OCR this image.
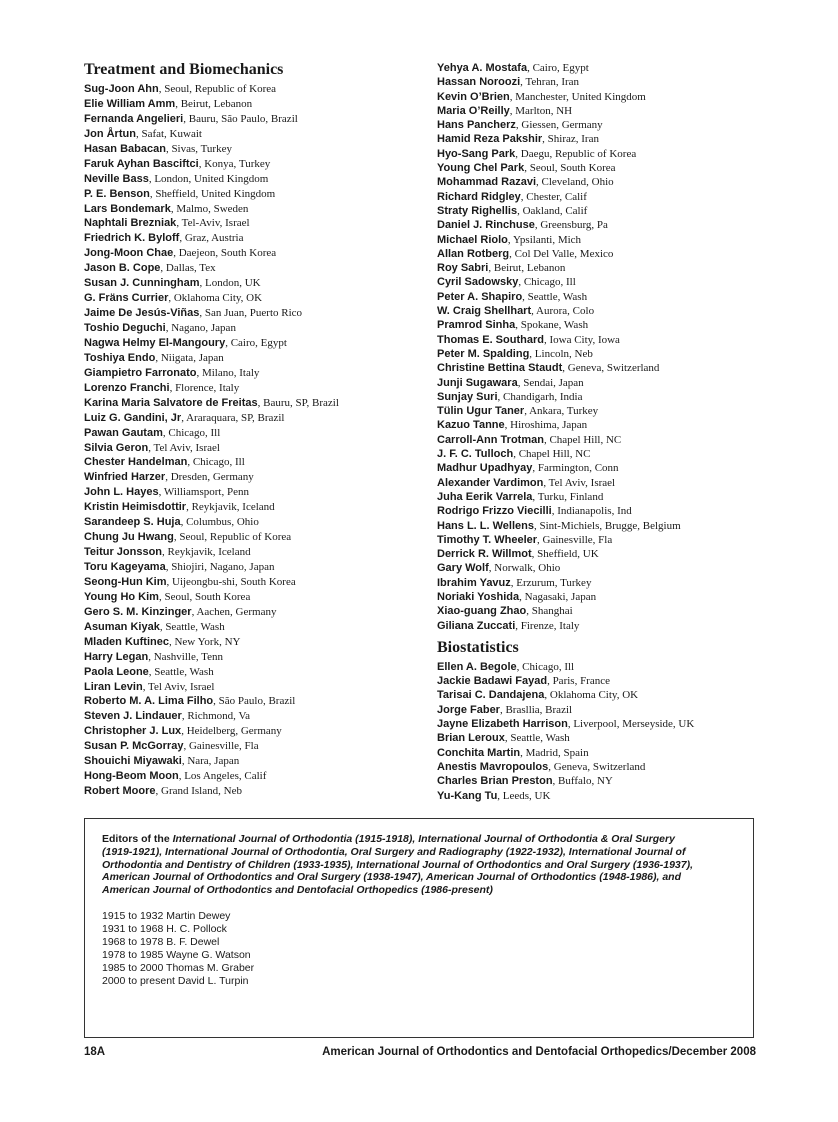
Treatment and Biomechanics
Sug-Joon Ahn, Seoul, Republic of Korea
Elie William Amm, Beirut, Lebanon
Fernanda Angelieri, Bauru, São Paulo, Brazil
Jon Årtun, Safat, Kuwait
Hasan Babacan, Sivas, Turkey
Faruk Ayhan Basciftci, Konya, Turkey
Neville Bass, London, United Kingdom
P. E. Benson, Sheffield, United Kingdom
Lars Bondemark, Malmo, Sweden
Naphtali Brezniak, Tel-Aviv, Israel
Friedrich K. Byloff, Graz, Austria
Jong-Moon Chae, Daejeon, South Korea
Jason B. Cope, Dallas, Tex
Susan J. Cunningham, London, UK
G. Fräns Currier, Oklahoma City, OK
Jaime De Jesús-Viñas, San Juan, Puerto Rico
Toshio Deguchi, Nagano, Japan
Nagwa Helmy El-Mangoury, Cairo, Egypt
Toshiya Endo, Niigata, Japan
Giampietro Farronato, Milano, Italy
Lorenzo Franchi, Florence, Italy
Karina Maria Salvatore de Freitas, Bauru, SP, Brazil
Luiz G. Gandini, Jr, Araraquara, SP, Brazil
Pawan Gautam, Chicago, Ill
Silvia Geron, Tel Aviv, Israel
Chester Handelman, Chicago, Ill
Winfried Harzer, Dresden, Germany
John L. Hayes, Williamsport, Penn
Kristin Heimisdottir, Reykjavik, Iceland
Sarandeep S. Huja, Columbus, Ohio
Chung Ju Hwang, Seoul, Republic of Korea
Teitur Jonsson, Reykjavik, Iceland
Toru Kageyama, Shiojiri, Nagano, Japan
Seong-Hun Kim, Uijeongbu-shi, South Korea
Young Ho Kim, Seoul, South Korea
Gero S. M. Kinzinger, Aachen, Germany
Asuman Kiyak, Seattle, Wash
Mladen Kuftinec, New York, NY
Harry Legan, Nashville, Tenn
Paola Leone, Seattle, Wash
Liran Levin, Tel Aviv, Israel
Roberto M. A. Lima Filho, São Paulo, Brazil
Steven J. Lindauer, Richmond, Va
Christopher J. Lux, Heidelberg, Germany
Susan P. McGorray, Gainesville, Fla
Shouichi Miyawaki, Nara, Japan
Hong-Beom Moon, Los Angeles, Calif
Robert Moore, Grand Island, Neb
Yehya A. Mostafa, Cairo, Egypt
Hassan Noroozi, Tehran, Iran
Kevin O’Brien, Manchester, United Kingdom
Maria O’Reilly, Marlton, NH
Hans Pancherz, Giessen, Germany
Hamid Reza Pakshir, Shiraz, Iran
Hyo-Sang Park, Daegu, Republic of Korea
Young Chel Park, Seoul, South Korea
Mohammad Razavi, Cleveland, Ohio
Richard Ridgley, Chester, Calif
Straty Righellis, Oakland, Calif
Daniel J. Rinchuse, Greensburg, Pa
Michael Riolo, Ypsilanti, Mich
Allan Rotberg, Col Del Valle, Mexico
Roy Sabri, Beirut, Lebanon
Cyril Sadowsky, Chicago, Ill
Peter A. Shapiro, Seattle, Wash
W. Craig Shellhart, Aurora, Colo
Pramrod Sinha, Spokane, Wash
Thomas E. Southard, Iowa City, Iowa
Peter M. Spalding, Lincoln, Neb
Christine Bettina Staudt, Geneva, Switzerland
Junji Sugawara, Sendai, Japan
Sunjay Suri, Chandigarh, India
Tülin Ugur Taner, Ankara, Turkey
Kazuo Tanne, Hiroshima, Japan
Carroll-Ann Trotman, Chapel Hill, NC
J. F. C. Tulloch, Chapel Hill, NC
Madhur Upadhyay, Farmington, Conn
Alexander Vardimon, Tel Aviv, Israel
Juha Eerik Varrela, Turku, Finland
Rodrigo Frizzo Viecilli, Indianapolis, Ind
Hans L. L. Wellens, Sint-Michiels, Brugge, Belgium
Timothy T. Wheeler, Gainesville, Fla
Derrick R. Willmot, Sheffield, UK
Gary Wolf, Norwalk, Ohio
Ibrahim Yavuz, Erzurum, Turkey
Noriaki Yoshida, Nagasaki, Japan
Xiao-guang Zhao, Shanghai
Giliana Zuccati, Firenze, Italy
Biostatistics
Ellen A. Begole, Chicago, Ill
Jackie Badawi Fayad, Paris, France
Tarisai C. Dandajena, Oklahoma City, OK
Jorge Faber, Brasllia, Brazil
Jayne Elizabeth Harrison, Liverpool, Merseyside, UK
Brian Leroux, Seattle, Wash
Conchita Martin, Madrid, Spain
Anestis Mavropoulos, Geneva, Switzerland
Charles Brian Preston, Buffalo, NY
Yu-Kang Tu, Leeds, UK
Editors of the International Journal of Orthodontia (1915-1918), International Journal of Orthodontia & Oral Surgery (1919-1921), International Journal of Orthodontia, Oral Surgery and Radiography (1922-1932), International Journal of Orthodontia and Dentistry of Children (1933-1935), International Journal of Orthodontics and Oral Surgery (1936-1937), American Journal of Orthodontics and Oral Surgery (1938-1947), American Journal of Orthodontics (1948-1986), and American Journal of Orthodontics and Dentofacial Orthopedics (1986-present)
1915 to 1932 Martin Dewey
1931 to 1968 H. C. Pollock
1968 to 1978 B. F. Dewel
1978 to 1985 Wayne G. Watson
1985 to 2000 Thomas M. Graber
2000 to present David L. Turpin
18A	American Journal of Orthodontics and Dentofacial Orthopedics/December 2008
